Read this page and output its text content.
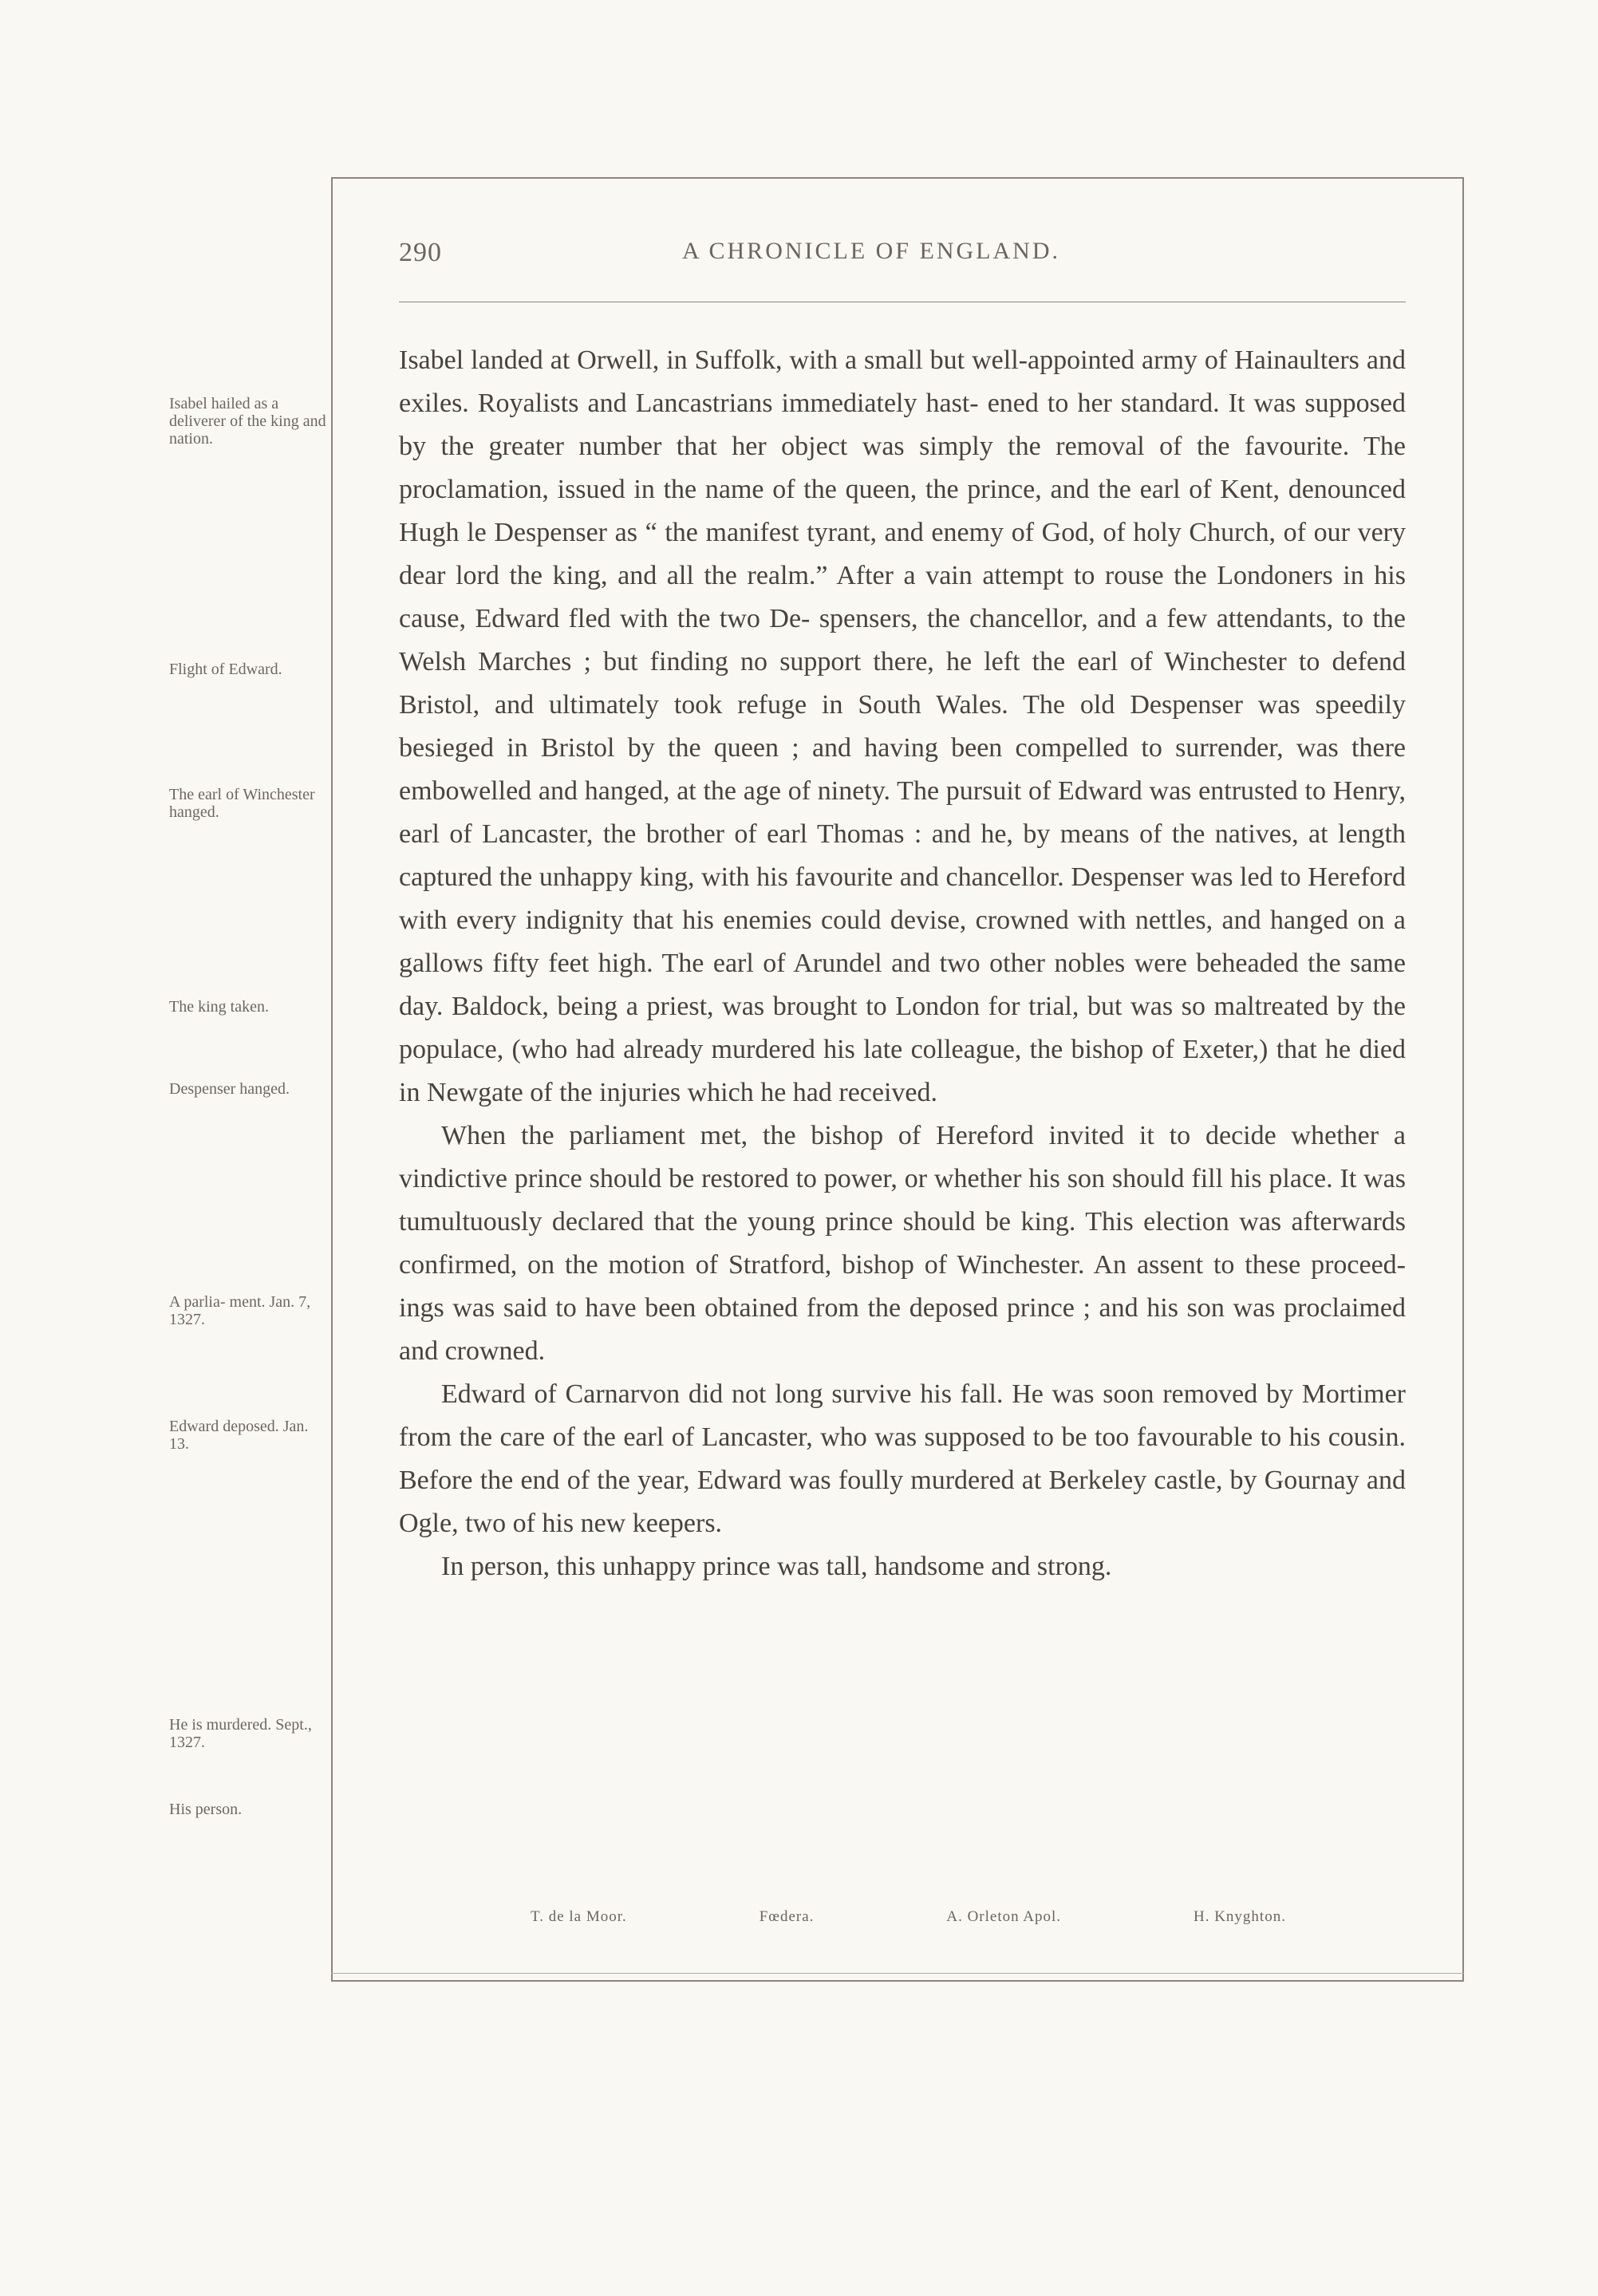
290	A CHRONICLE OF ENGLAND.
Isabel hailed as a deliverer of the king and nation.
Flight of Edward.
The earl of Winchester hanged.
The king taken.
Despenser hanged.
A parlia- ment. Jan. 7, 1327.
Edward deposed. Jan. 13.
He is murdered. Sept., 1327.
His person.

Isabel landed at Orwell, in Suffolk, with a small but well-appointed army of Hainaulters and exiles. Royalists and Lancastrians immediately hast- ened to her standard. It was supposed by the greater number that her object was simply the removal of the favourite. The proclamation, issued in the name of the queen, the prince, and the earl of Kent, denounced Hugh le Despenser as “ the manifest tyrant, and enemy of God, of holy Church, of our very dear lord the king, and all the realm.” After a vain attempt to rouse the Londoners in his cause, Edward fled with the two De- spensers, the chancellor, and a few attendants, to the Welsh Marches ; but finding no support there, he left the earl of Winchester to defend Bristol, and ultimately took refuge in South Wales. The old Despenser was speedily besieged in Bristol by the queen ; and having been compelled to surrender, was there embowelled and hanged, at the age of ninety. The pursuit of Edward was entrusted to Henry, earl of Lancaster, the brother of earl Thomas : and he, by means of the natives, at length captured the unhappy king, with his favourite and chancellor. Despenser was led to Hereford with every indignity that his enemies could devise, crowned with nettles, and hanged on a gallows fifty feet high. The earl of Arundel and two other nobles were beheaded the same day. Baldock, being a priest, was brought to London for trial, but was so maltreated by the populace, (who had already murdered his late colleague, the bishop of Exeter,) that he died in Newgate of the injuries which he had received.

When the parliament met, the bishop of Hereford invited it to decide whether a vindictive prince should be restored to power, or whether his son should fill his place. It was tumultuously declared that the young prince should be king. This election was afterwards confirmed, on the motion of Stratford, bishop of Winchester. An assent to these proceed- ings was said to have been obtained from the deposed prince ; and his son was proclaimed and crowned.

Edward of Carnarvon did not long survive his fall. He was soon removed by Mortimer from the care of the earl of Lancaster, who was supposed to be too favourable to his cousin. Before the end of the year, Edward was foully murdered at Berkeley castle, by Gournay and Ogle, two of his new keepers.

In person, this unhappy prince was tall, handsome and strong.

T. de la Moor.	Fœdera.	A. Orleton Apol.	H. Knyghton.
